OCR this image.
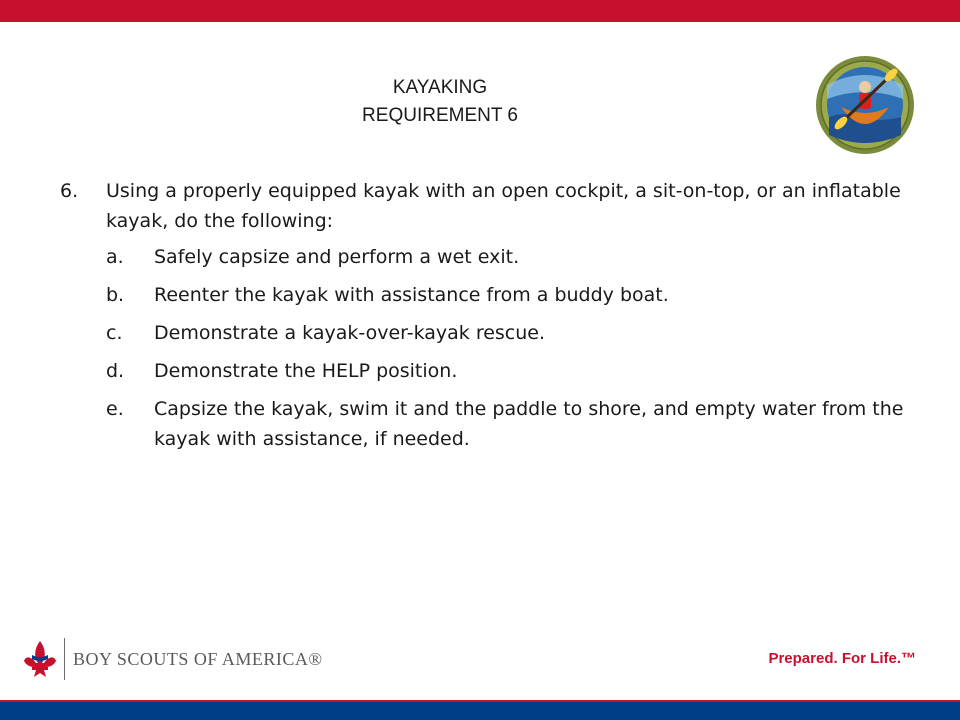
KAYAKING
REQUIREMENT 6
6.	Using a properly equipped kayak with an open cockpit, a sit-on-top, or an inflatable kayak, do the following:
a.	Safely capsize and perform a wet exit.
b.	Reenter the kayak with assistance from a buddy boat.
c.	Demonstrate a kayak-over-kayak rescue.
d.	Demonstrate the HELP position.
e.	Capsize the kayak, swim it and the paddle to shore, and empty water from the kayak with assistance, if needed.
BOY SCOUTS OF AMERICA®	Prepared. For Life.™
